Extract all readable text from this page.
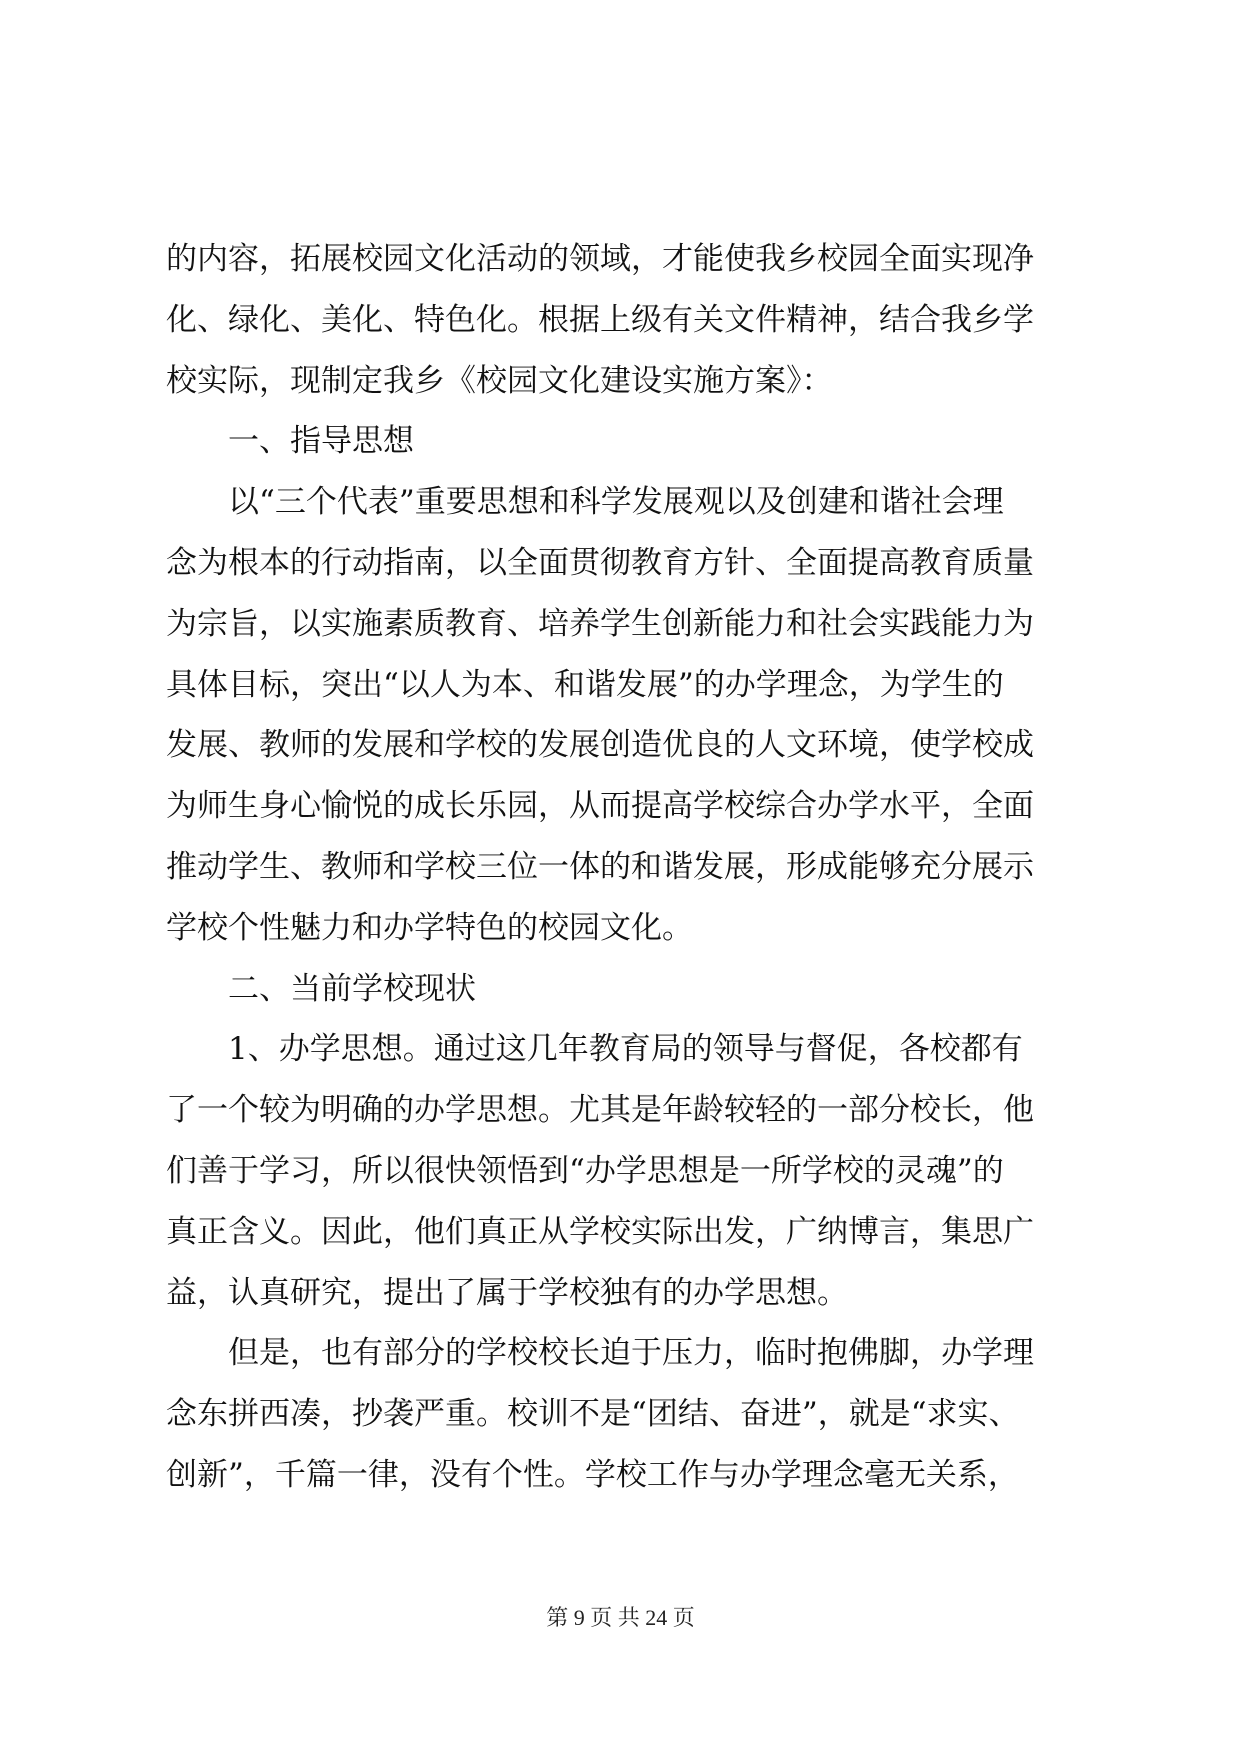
的内容，拓展校园文化活动的领域，才能使我乡校园全面实现净
化、绿化、美化、特色化。根据上级有关文件精神，结合我乡学
校实际，现制定我乡《校园文化建设实施方案》：
　　一、指导思想
　　以“三个代表”重要思想和科学发展观以及创建和谐社会理
念为根本的行动指南，以全面贯彻教育方针、全面提高教育质量
为宗旨，以实施素质教育、培养学生创新能力和社会实践能力为
具体目标，突出“以人为本、和谐发展”的办学理念，为学生的
发展、教师的发展和学校的发展创造优良的人文环境，使学校成
为师生身心愉悦的成长乐园，从而提高学校综合办学水平，全面
推动学生、教师和学校三位一体的和谐发展，形成能够充分展示
学校个性魅力和办学特色的校园文化。
　　二、当前学校现状
　　1、办学思想。通过这几年教育局的领导与督促，各校都有
了一个较为明确的办学思想。尤其是年龄较轻的一部分校长，他
们善于学习，所以很快领悟到“办学思想是一所学校的灵魂”的
真正含义。因此，他们真正从学校实际出发，广纳博言，集思广
益，认真研究，提出了属于学校独有的办学思想。
　　但是，也有部分的学校校长迫于压力，临时抱佛脚，办学理
念东拼西凑，抄袭严重。校训不是“团结、奋进”，就是“求实、
创新”，千篇一律，没有个性。学校工作与办学理念毫无关系，
第 9 页 共 24 页
